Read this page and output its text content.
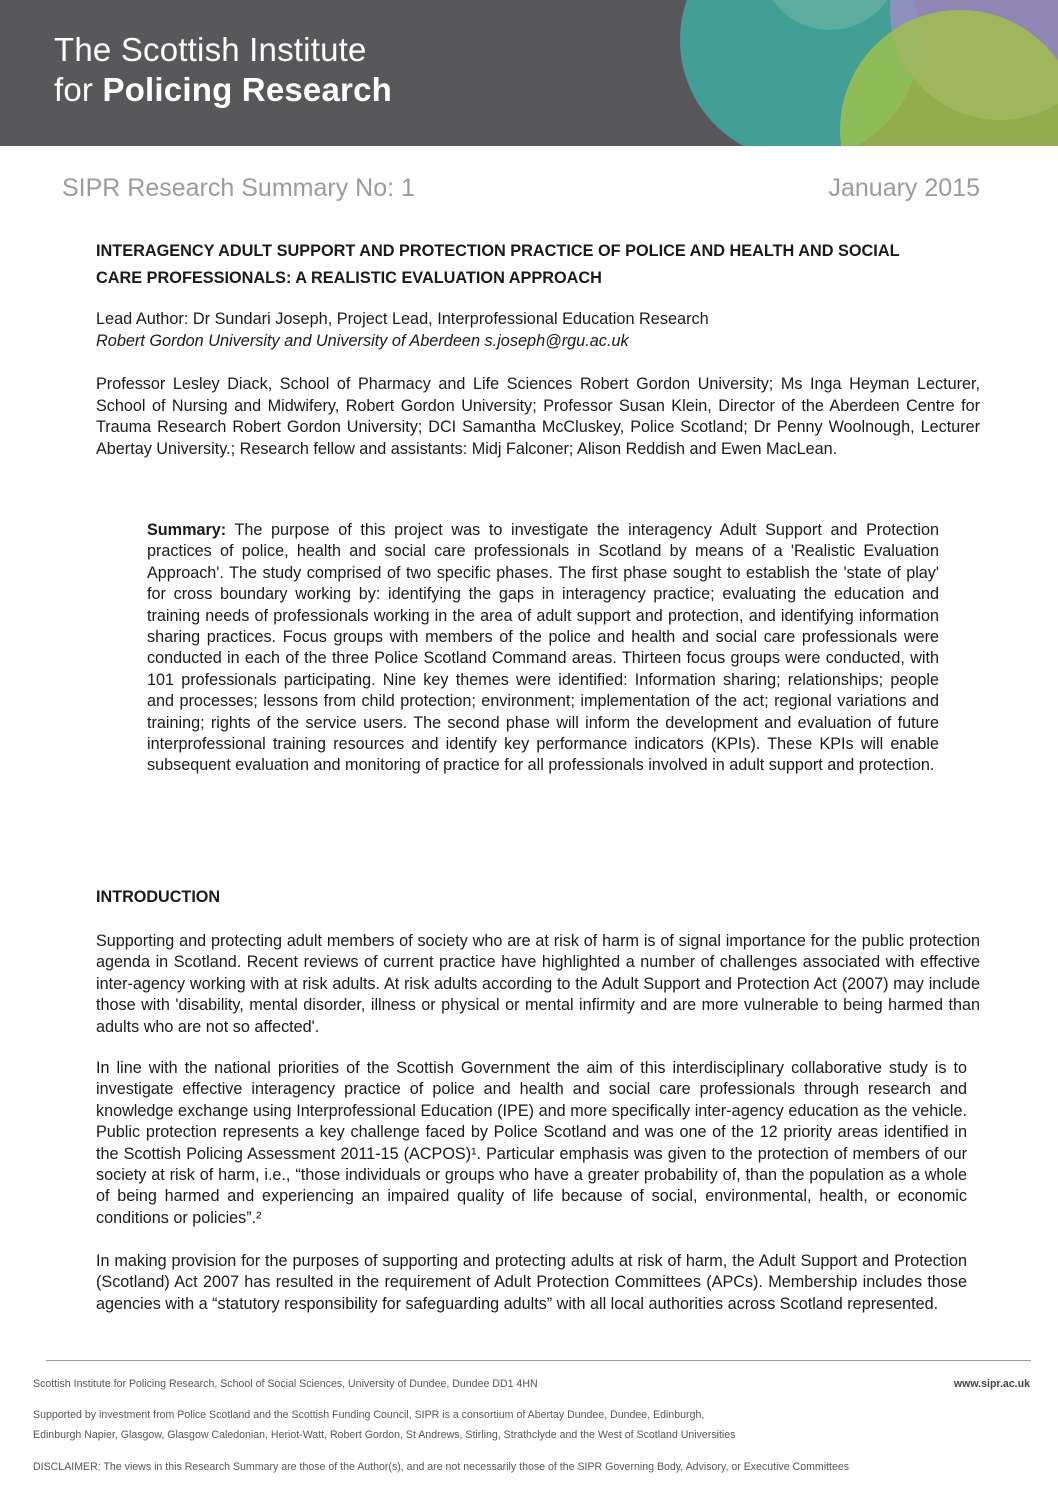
The Scottish Institute
for Policing Research
SIPR Research Summary No: 1	January 2015
INTERAGENCY ADULT SUPPORT AND PROTECTION PRACTICE OF POLICE AND HEALTH AND SOCIAL CARE PROFESSIONALS: A REALISTIC EVALUATION APPROACH
Lead Author: Dr Sundari Joseph, Project Lead, Interprofessional Education Research
Robert Gordon University and University of Aberdeen s.joseph@rgu.ac.uk
Professor Lesley Diack, School of Pharmacy and Life Sciences Robert Gordon University; Ms Inga Heyman Lecturer, School of Nursing and Midwifery, Robert Gordon University; Professor Susan Klein, Director of the Aberdeen Centre for Trauma Research Robert Gordon University; DCI Samantha McCluskey, Police Scotland; Dr Penny Woolnough, Lecturer Abertay University.; Research fellow and assistants: Midj Falconer; Alison Reddish and Ewen MacLean.
Summary: The purpose of this project was to investigate the interagency Adult Support and Protection practices of police, health and social care professionals in Scotland by means of a 'Realistic Evaluation Approach'. The study comprised of two specific phases. The first phase sought to establish the 'state of play' for cross boundary working by: identifying the gaps in interagency practice; evaluating the education and training needs of professionals working in the area of adult support and protection, and identifying information sharing practices. Focus groups with members of the police and health and social care professionals were conducted in each of the three Police Scotland Command areas. Thirteen focus groups were conducted, with 101 professionals participating. Nine key themes were identified: Information sharing; relationships; people and processes; lessons from child protection; environment; implementation of the act; regional variations and training; rights of the service users. The second phase will inform the development and evaluation of future interprofessional training resources and identify key performance indicators (KPIs). These KPIs will enable subsequent evaluation and monitoring of practice for all professionals involved in adult support and protection.
INTRODUCTION
Supporting and protecting adult members of society who are at risk of harm is of signal importance for the public protection agenda in Scotland. Recent reviews of current practice have highlighted a number of challenges associated with effective inter-agency working with at risk adults. At risk adults according to the Adult Support and Protection Act (2007) may include those with 'disability, mental disorder, illness or physical or mental infirmity and are more vulnerable to being harmed than adults who are not so affected'.
In line with the national priorities of the Scottish Government the aim of this interdisciplinary collaborative study is to investigate effective interagency practice of police and health and social care professionals through research and knowledge exchange using Interprofessional Education (IPE) and more specifically inter-agency education as the vehicle. Public protection represents a key challenge faced by Police Scotland and was one of the 12 priority areas identified in the Scottish Policing Assessment 2011-15 (ACPOS)¹. Particular emphasis was given to the protection of members of our society at risk of harm, i.e., “those individuals or groups who have a greater probability of, than the population as a whole of being harmed and experiencing an impaired quality of life because of social, environmental, health, or economic conditions or policies”.²
In making provision for the purposes of supporting and protecting adults at risk of harm, the Adult Support and Protection (Scotland) Act 2007 has resulted in the requirement of Adult Protection Committees (APCs). Membership includes those agencies with a “statutory responsibility for safeguarding adults” with all local authorities across Scotland represented.
Scottish Institute for Policing Research, School of Social Sciences, University of Dundee, Dundee DD1 4HN	www.sipr.ac.uk
Supported by investment from Police Scotland and the Scottish Funding Council, SIPR is a consortium of Abertay Dundee, Dundee, Edinburgh,
Edinburgh Napier, Glasgow, Glasgow Caledonian, Heriot-Watt, Robert Gordon, St Andrews, Stirling, Strathclyde and the West of Scotland Universities
DISCLAIMER: The views in this Research Summary are those of the Author(s), and are not necessarily those of the SIPR Governing Body, Advisory, or Executive Committees
